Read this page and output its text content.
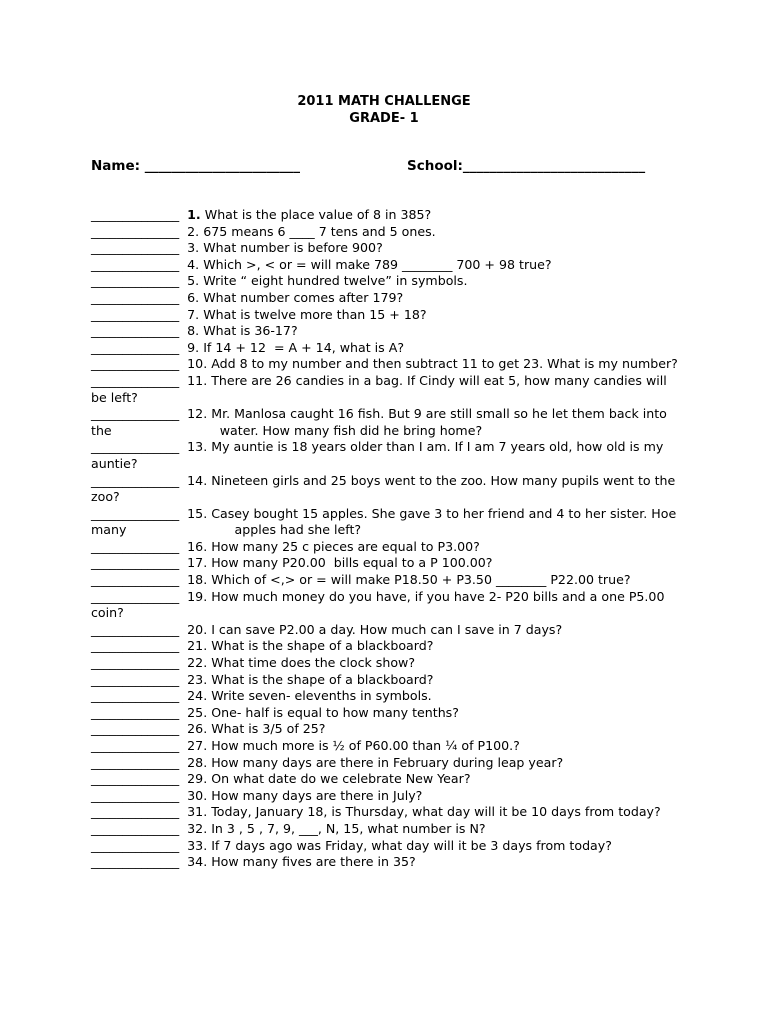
2011 MATH CHALLENGE
GRADE- 1
Name: _______________________	School:___________________________

______________ 1. What is the place value of 8 in 385?

______________ 2. 675 means 6 ____ 7 tens and 5 ones.

______________ 3. What number is before 900?

______________ 4. Which >, < or = will make 789 ________ 700 + 98 true?

______________ 5. Write “ eight hundred twelve” in symbols.

______________ 6. What number comes after 179?

______________ 7. What is twelve more than 15 + 18?

______________ 8. What is 36-17?

______________ 9. If 14 + 12  = A + 14, what is A?

______________ 10. Add 8 to my number and then subtract 11 to get 23. What is my number?

______________ 11. There are 26 candies in a bag. If Cindy will eat 5, how many candies will be left?

______________ 12. Mr. Manlosa caught 16 fish. But 9 are still small so he let them back into the                           water. How many fish did he bring home?

______________ 13. My auntie is 18 years older than I am. If I am 7 years old, how old is my auntie?

______________ 14. Nineteen girls and 25 boys went to the zoo. How many pupils went to the zoo?

______________ 15. Casey bought 15 apples. She gave 3 to her friend and 4 to her sister. Hoe many                           apples had she left?

______________ 16. How many 25 c pieces are equal to P3.00?

______________ 17. How many P20.00  bills equal to a P 100.00?

______________ 18. Which of <,> or = will make P18.50 + P3.50 ________ P22.00 true?

______________ 19. How much money do you have, if you have 2- P20 bills and a one P5.00 coin?

______________ 20. I can save P2.00 a day. How much can I save in 7 days?

______________ 21. What is the shape of a blackboard?

______________ 22. What time does the clock show?

______________ 23. What is the shape of a blackboard?

______________ 24. Write seven- elevenths in symbols.

______________ 25. One- half is equal to how many tenths?

______________ 26. What is 3/5 of 25?

______________ 27. How much more is ½ of P60.00 than ¼ of P100.?

______________ 28. How many days are there in February during leap year?

______________ 29. On what date do we celebrate New Year?

______________ 30. How many days are there in July?

______________ 31. Today, January 18, is Thursday, what day will it be 10 days from today?

______________ 32. In 3 , 5 , 7, 9, ___, N, 15, what number is N?

______________ 33. If 7 days ago was Friday, what day will it be 3 days from today?

______________ 34. How many fives are there in 35?
